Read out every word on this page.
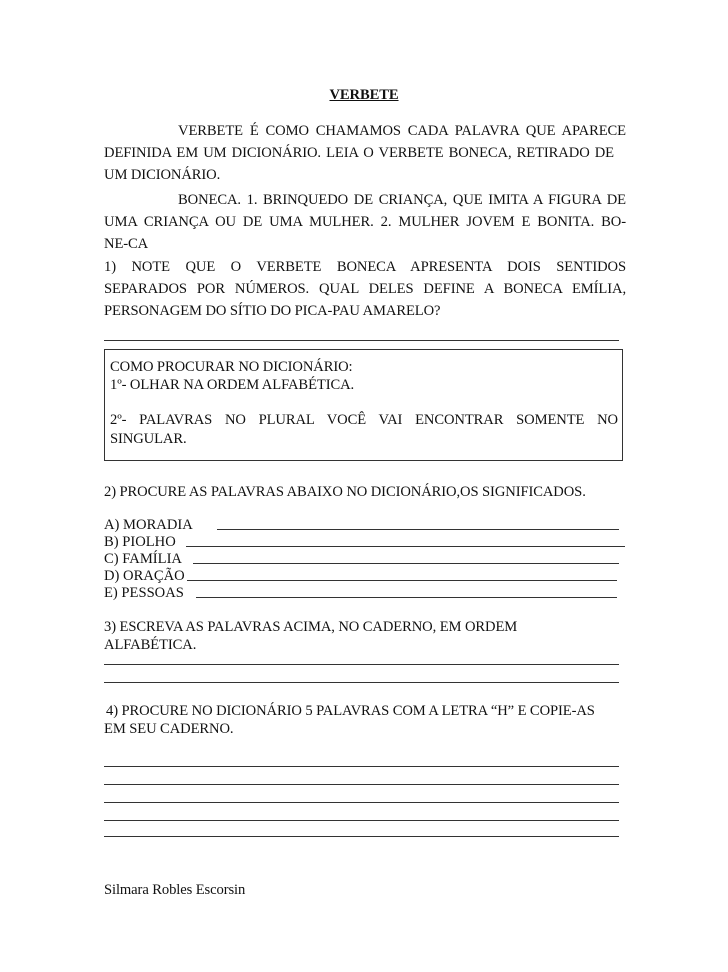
VERBETE
VERBETE É COMO CHAMAMOS CADA PALAVRA QUE APARECE
DEFINIDA EM UM DICIONÁRIO. LEIA O VERBETE BONECA, RETIRADO DE
UM DICIONÁRIO.
BONECA. 1. BRINQUEDO DE CRIANÇA, QUE IMITA A FIGURA DE
UMA CRIANÇA OU DE UMA MULHER. 2. MULHER JOVEM E BONITA. BO-
NE-CA
1) NOTE QUE O VERBETE BONECA APRESENTA DOIS SENTIDOS
SEPARADOS POR NÚMEROS. QUAL DELES DEFINE A BONECA EMÍLIA,
PERSONAGEM DO SÍTIO DO PICA-PAU AMARELO?
COMO PROCURAR NO DICIONÁRIO:
1º- OLHAR NA ORDEM ALFABÉTICA.
2º- PALAVRAS NO PLURAL VOCÊ VAI ENCONTRAR SOMENTE NO
SINGULAR.
2) PROCURE AS PALAVRAS ABAIXO NO DICIONÁRIO,OS SIGNIFICADOS.
A) MORADIA
B) PIOLHO
C) FAMÍLIA
D) ORAÇÃO
E) PESSOAS
3) ESCREVA AS PALAVRAS ACIMA, NO CADERNO, EM ORDEM
ALFABÉTICA.
4) PROCURE NO DICIONÁRIO 5 PALAVRAS COM A LETRA “H” E COPIE-AS
EM SEU CADERNO.
Silmara Robles Escorsin
